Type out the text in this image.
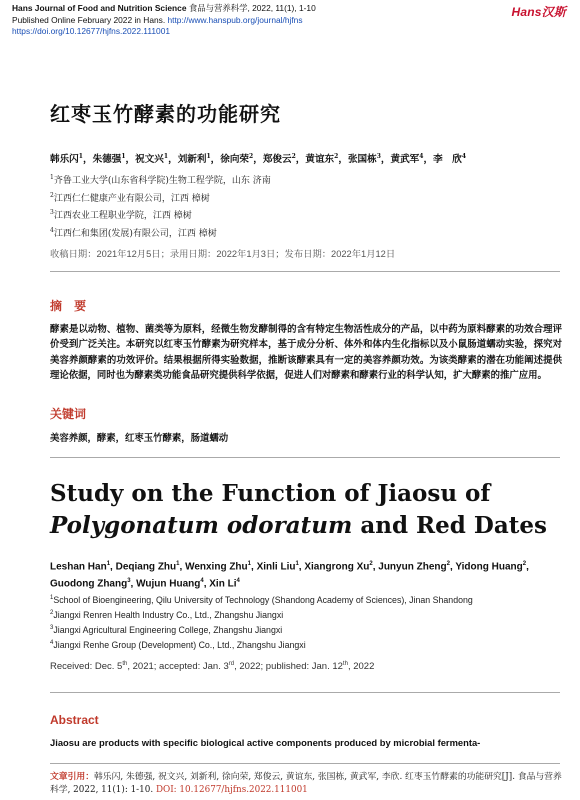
Hans Journal of Food and Nutrition Science 食品与营养科学, 2022, 11(1), 1-10
Published Online February 2022 in Hans. http://www.hanspub.org/journal/hjfns
https://doi.org/10.12677/hjfns.2022.111001
Hans汉斯
红枣玉竹酵素的功能研究
韩乐闪$^1$，朱德强$^1$，祝文兴$^1$，刘新利$^1$，徐向荣$^2$，郑俊云$^2$，黄谊东$^2$，张国栋$^3$，黄武军$^4$，李　欣$^4$
$^1$齐鲁工业大学(山东省科学院)生物工程学院，山东 济南
$^2$江西仁仁健康产业有限公司，江西 樟树
$^3$江西农业工程职业学院，江西 樟树
$^4$江西仁和集团(发展)有限公司，江西 樟树
收稿日期：2021年12月5日；录用日期：2022年1月3日；发布日期：2022年1月12日
摘 要
酵素是以动物、植物、菌类等为原料，经微生物发酵制得的含有特定生物活性成分的产品，以中药为原料酵素的功效合理评价受到广泛关注。本研究以红枣玉竹酵素为研究样本，基于成分分析、体外和体内生化指标以及小鼠肠道蠕动实验，探究对美容养颜酵素的功效评价。结果根据所得实验数据，推断该酵素具有一定的美容养颜功效。为该类酵素的潜在功能阐述提供理论依据，同时也为酵素类功能食品研究提供科学依据，促进人们对酵素和酵素行业的科学认知，扩大酵素的推广应用。
关键词
美容养颜，酵素，红枣玉竹酵素，肠道蠕动
Study on the Function of Jiaosu of
Polygonatum odoratum and Red Dates
Leshan Han$^1$, Deqiang Zhu$^1$, Wenxing Zhu$^1$, Xinli Liu$^1$, Xiangrong Xu$^2$, Junyun Zheng$^2$, Yidong Huang$^2$, Guodong Zhang$^3$, Wujun Huang$^4$, Xin Li$^4$
$^1$School of Bioengineering, Qilu University of Technology (Shandong Academy of Sciences), Jinan Shandong
$^2$Jiangxi Renren Health Industry Co., Ltd., Zhangshu Jiangxi
$^3$Jiangxi Agricultural Engineering College, Zhangshu Jiangxi
$^4$Jiangxi Renhe Group (Development) Co., Ltd., Zhangshu Jiangxi
Received: Dec. 5th, 2021; accepted: Jan. 3rd, 2022; published: Jan. 12th, 2022
Abstract
Jiaosu are products with specific biological active components produced by microbial fermenta-
文章引用：韩乐闪, 朱德强, 祝文兴, 刘新利, 徐向荣, 郑俊云, 黄谊东, 张国栋, 黄武军, 李欣. 红枣玉竹酵素的功能研究[J]. 食品与营养科学, 2022, 11(1): 1-10. DOI: 10.12677/hjfns.2022.111001
